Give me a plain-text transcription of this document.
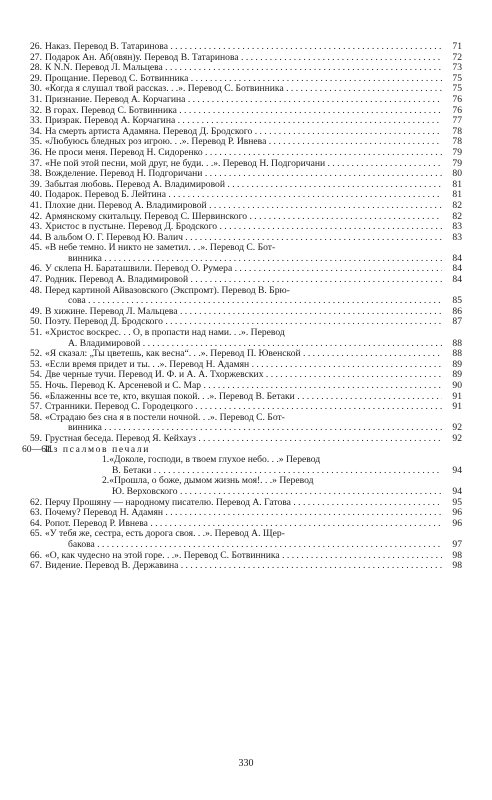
26. Наказ. Перевод В. Татаринова . . .	71
27. Подарок Ан. Аб(овян)у. Перевод В. Татаринова . . .	72
28. К N.N. Перевод Л. Мальцева . . .	73
29. Прощание. Перевод С. Ботвинника . . .	75
30. «Когда я слушал твой рассказ. . .». Перевод С. Ботвинника . . .	75
31. Признание. Перевод А. Корчагина . . .	76
32. В горах. Перевод С. Ботвинника . . .	76
33. Призрак. Перевод А. Корчагина . . .	77
34. На смерть артиста Адамяна. Перевод Д. Бродского . . .	78
35. «Любуюсь бледных роз игрою. . .». Перевод Р. Ивнева . . .	78
36. Не проси меня. Перевод Н. Сидоренко . . .	79
37. «Не пой этой песни, мой друг, не буди. . .». Перевод Н. Подгоричани . . .	79
38. Вожделение. Перевод Н. Подгоричани . . .	80
39. Забытая любовь. Перевод А. Владимировой . . .	81
40. Подарок. Перевод Б. Лейтина . . .	81
41. Плохие дни. Перевод А. Владимировой . . .	82
42. Армянскому скитальцу. Перевод С. Шервинского . . .	82
43. Христос в пустыне. Перевод Д. Бродского . . .	83
44. В альбом О. Г. Перевод Ю. Валич . . .	83
45. «В небе темно. И никто не заметил. . .». Перевод С. Бот-
винника . . .	84
46. У склепа Н. Бараташвили. Перевод О. Румера . . .	84
47. Родник. Перевод А. Владимировой . . .	84
48. Перед картиной Айвазовского (Экспромт). Перевод В. Брю-
сова . . .	85
49. В хижине. Перевод Л. Мальцева . . .	86
50. Поэту. Перевод Д. Бродского . . .	87
51. «Христос воскрес. . . О, в пропасти над нами. . .». Перевод
А. Владимировой . . .	88
52. «Я сказал: „Ты цветешь, как весна“. . .». Перевод П. Ювенской . . .	88
53. «Если время придет и ты. . .». Перевод Н. Адамян . . .	89
54. Две черные тучи. Перевод И. Ф. и А. А. Тхоржевских . . .	89
55. Ночь. Перевод К. Арсеневой и С. Мар . . .	90
56. «Блаженны все те, кто, вкушая покой. . .». Перевод В. Бетаки . . .	91
57. Странники. Перевод С. Городецкого . . .	91
58. «Страдаю без сна я в постели ночной. . .». Перевод С. Бот-
винника . . .	92
59. Грустная беседа. Перевод Я. Кейхауз . . .	92
60—61.
Из псалмов печали
1. «Доколе, господи, в твоем глухое небо. . .» Перевод
В. Бетаки . . .	94
2. «Прошла, о боже, дымом жизнь моя!. . .» Перевод
Ю. Верховского . . .	94
62. Перчу Прошяну — народному писателю. Перевод А. Гатова . . .	95
63. Почему? Перевод Н. Адамян . . .	96
64. Ропот. Перевод Р. Ивнева . . .	96
65. «У тебя же, сестра, есть дорога своя. . .». Перевод А. Щер-
бакова . . .	97
66. «О, как чудесно на этой горе. . .». Перевод С. Ботвинника . . .	98
67. Видение. Перевод В. Державина . . .	98
330
